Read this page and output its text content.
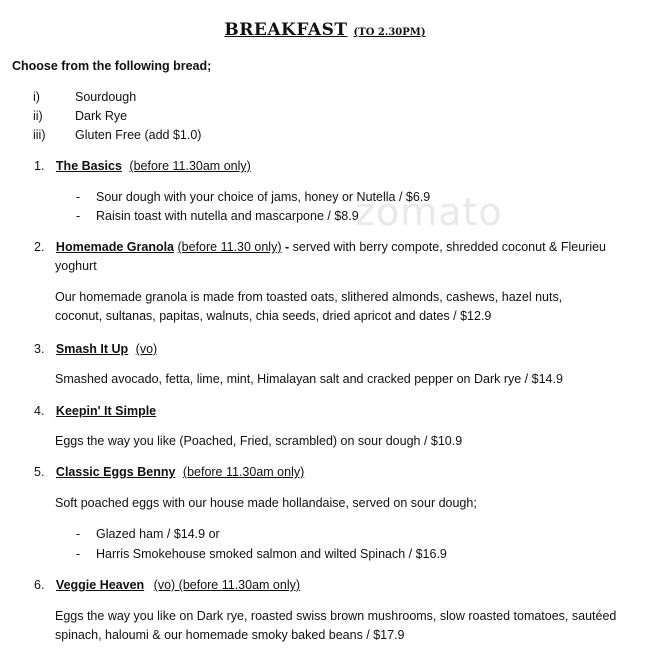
zomato
BREAKFAST (TO 2.30PM)
Choose from the following bread;
i)	Sourdough
ii)	Dark Rye
iii) Gluten Free (add $1.0)
1. The Basics (before 11.30am only)
- Sour dough with your choice of jams, honey or Nutella / $6.9
- Raisin toast with nutella and mascarpone / $8.9
2. Homemade Granola (before 11.30 only) - served with berry compote, shredded coconut & Fleurieu
yoghurt
Our homemade granola is made from toasted oats, slithered almonds, cashews, hazel nuts,
coconut, sultanas, papitas, walnuts, chia seeds, dried apricot and dates / $12.9
3. Smash It Up (vo)
Smashed avocado, fetta, lime, mint, Himalayan salt and cracked pepper on Dark rye / $14.9
4. Keepin' It Simple
Eggs the way you like (Poached, Fried, scrambled) on sour dough / $10.9
5. Classic Eggs Benny (before 11.30am only)
Soft poached eggs with our house made hollandaise, served on sour dough;
- Glazed ham / $14.9 or
- Harris Smokehouse smoked salmon and wilted Spinach / $16.9
6. Veggie Heaven (vo) (before 11.30am only)
Eggs the way you like on Dark rye, roasted swiss brown mushrooms, slow roasted tomatoes, sautéed
spinach, haloumi & our homemade smoky baked beans / $17.9
